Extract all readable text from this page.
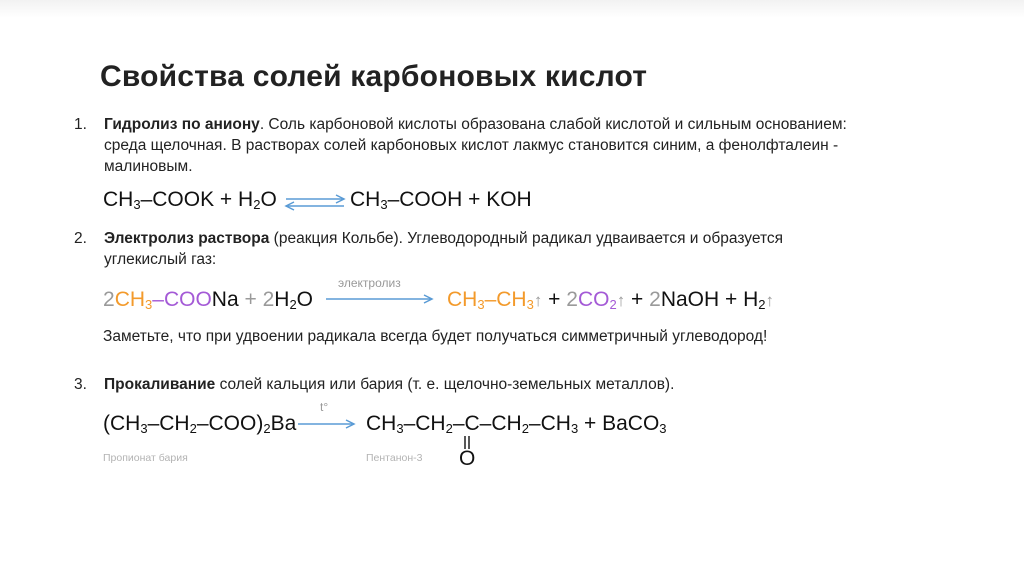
Свойства солей карбоновых кислот
1. Гидролиз по аниону. Соль карбоновой кислоты образована слабой кислотой и сильным основанием: среда щелочная. В растворах солей карбоновых кислот лакмус становится синим, а фенолфталеин - малиновым.
$CH_3$–COOK + $H_2O$ ⇌ $CH_3$–COOH + KOH
2. Электролиз раствора (реакция Кольбе). Углеводородный радикал удваивается и образуется углекислый газ:
$2CH_3$–COONa + $2H_2O$
электролиз
$CH_3-CH_3↑$ + $2CO_2↑$ + 2NaOH + $H_2↑$
Заметьте, что при удвоении радикала всегда будет получаться симметричный углеводород!
3. Прокаливание солей кальция или бария (т. е. щелочно-земельных металлов).
$(CH_3-CH_2-COO)_2Ba$
t°
→ $CH_3-CH_2-C-CH_2-CH_3$ + BaCO$_3$
O
Пропионат бария	Пентанон-3
